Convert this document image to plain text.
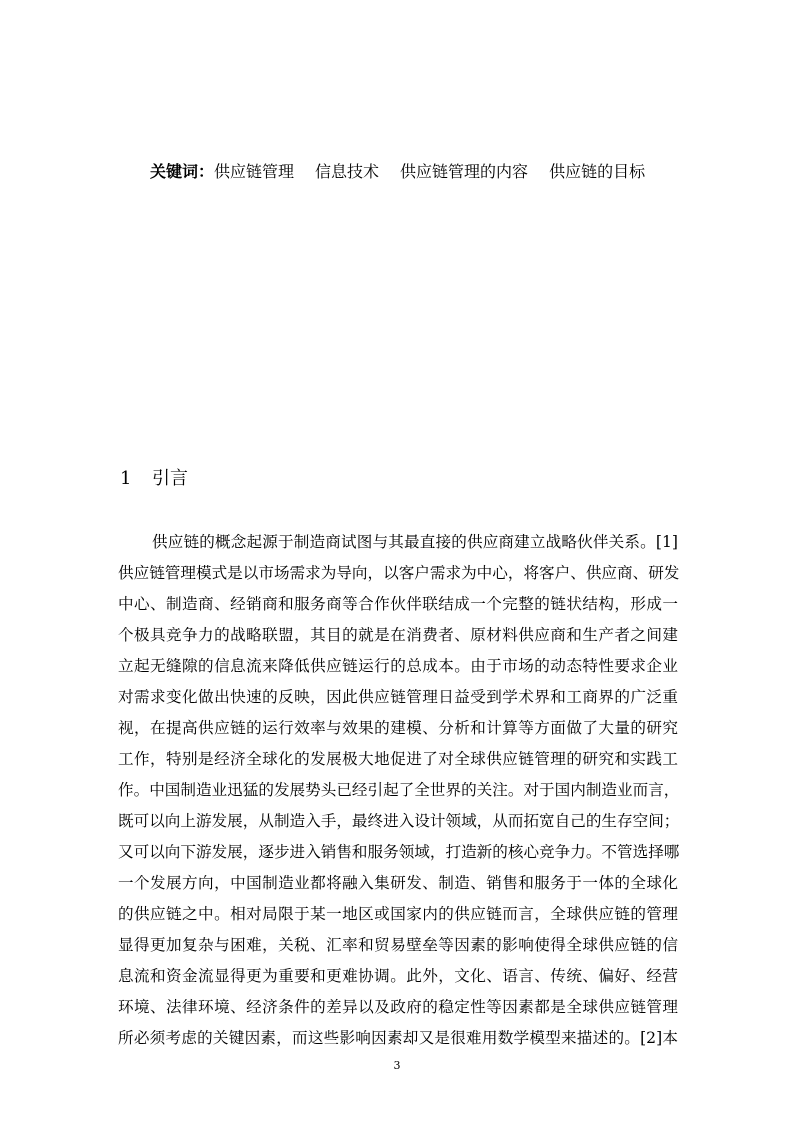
关键词：供应链管理 信息技术 供应链管理的内容 供应链的目标
1 引言
供应链的概念起源于制造商试图与其最直接的供应商建立战略伙伴关系。[1]
供应链管理模式是以市场需求为导向，以客户需求为中心，将客户、供应商、研发
中心、制造商、经销商和服务商等合作伙伴联结成一个完整的链状结构，形成一
个极具竞争力的战略联盟，其目的就是在消费者、原材料供应商和生产者之间建
立起无缝隙的信息流来降低供应链运行的总成本。由于市场的动态特性要求企业
对需求变化做出快速的反映，因此供应链管理日益受到学术界和工商界的广泛重
视，在提高供应链的运行效率与效果的建模、分析和计算等方面做了大量的研究
工作，特别是经济全球化的发展极大地促进了对全球供应链管理的研究和实践工
作。中国制造业迅猛的发展势头已经引起了全世界的关注。对于国内制造业而言，
既可以向上游发展，从制造入手，最终进入设计领域，从而拓宽自己的生存空间；
又可以向下游发展，逐步进入销售和服务领域，打造新的核心竞争力。不管选择哪
一个发展方向，中国制造业都将融入集研发、制造、销售和服务于一体的全球化
的供应链之中。相对局限于某一地区或国家内的供应链而言，全球供应链的管理
显得更加复杂与困难，关税、汇率和贸易壁垒等因素的影响使得全球供应链的信
息流和资金流显得更为重要和更难协调。此外，文化、语言、传统、偏好、经营
环境、法律环境、经济条件的差异以及政府的稳定性等因素都是全球供应链管理
所必须考虑的关键因素，而这些影响因素却又是很难用数学模型来描述的。[2]本
3
